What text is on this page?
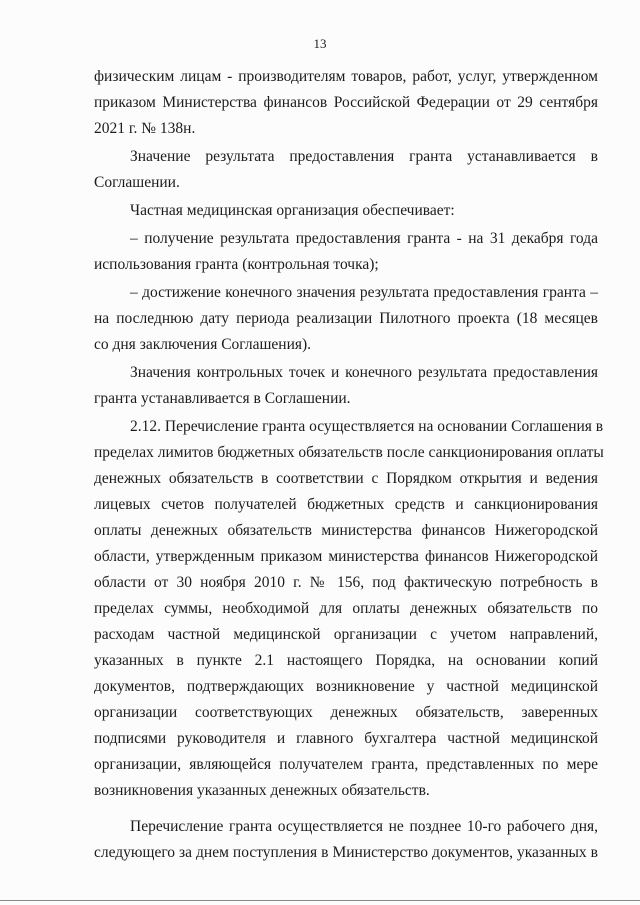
13

физическим лицам - производителям товаров, работ, услуг, утвержденном
приказом Министерства финансов Российской Федерации от 29 сентября
2021 г. № 138н.

Значение результата предоставления гранта устанавливается в
Соглашении.

Частная медицинская организация обеспечивает:

– получение результата предоставления гранта - на 31 декабря года
использования гранта (контрольная точка);

– достижение конечного значения результата предоставления гранта –
на последнюю дату периода реализации Пилотного проекта (18 месяцев
со дня заключения Соглашения).

Значения контрольных точек и конечного результата предоставления
гранта устанавливается в Соглашении.

2.12. Перечисление гранта осуществляется на основании Соглашения в
пределах лимитов бюджетных обязательств после санкционирования оплаты
денежных обязательств в соответствии с Порядком открытия и ведения
лицевых счетов получателей бюджетных средств и санкционирования
оплаты денежных обязательств министерства финансов Нижегородской
области, утвержденным приказом министерства финансов Нижегородской
области от 30 ноября 2010 г. № 156, под фактическую потребность в
пределах суммы, необходимой для оплаты денежных обязательств по
расходам частной медицинской организации с учетом направлений,
указанных в пункте 2.1 настоящего Порядка, на основании копий
документов, подтверждающих возникновение у частной медицинской
организации соответствующих денежных обязательств, заверенных
подписями руководителя и главного бухгалтера частной медицинской
организации, являющейся получателем гранта, представленных по мере
возникновения указанных денежных обязательств.

Перечисление гранта осуществляется не позднее 10-го рабочего дня,
следующего за днем поступления в Министерство документов, указанных в
